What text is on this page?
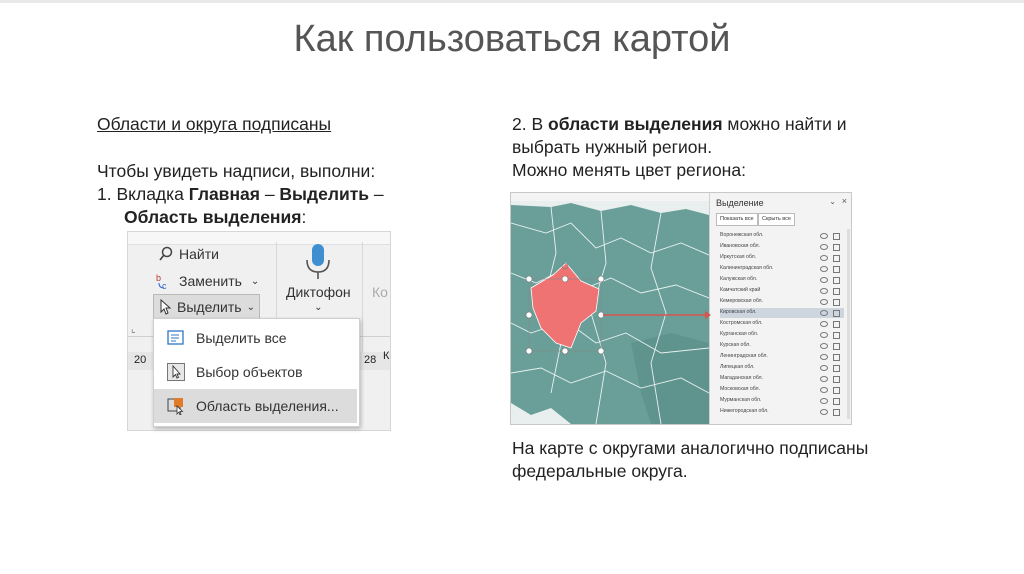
Как пользоваться картой
Области и округа подписаны
Чтобы увидеть надписи, выполни:
1. Вкладка Главная – Выделить –
Область выделения:
Найти
b
c Заменить ⌄
Выделить ⌄
Диктофон
⌄
Ко
⌞
20	28 К
Выделить все
Выбор объектов
Область выделения...
2. В области выделения можно найти и
выбрать нужный регион.
Можно менять цвет региона:
Выделение	⌄ ×
Показать все	Скрыть все
Воронежская обл.
Ивановская обл.
Иркутская обл.
Калининградская обл.
Калужская обл.
Камчатский край
Кемеровская обл.
Кировская обл.
Костромская обл.
Курганская обл.
Курская обл.
Ленинградская обл.
Липецкая обл.
Магаданская обл.
Московская обл.
Мурманская обл.
Нижегородская обл.
На карте с округами аналогично подписаны
федеральные округа.
